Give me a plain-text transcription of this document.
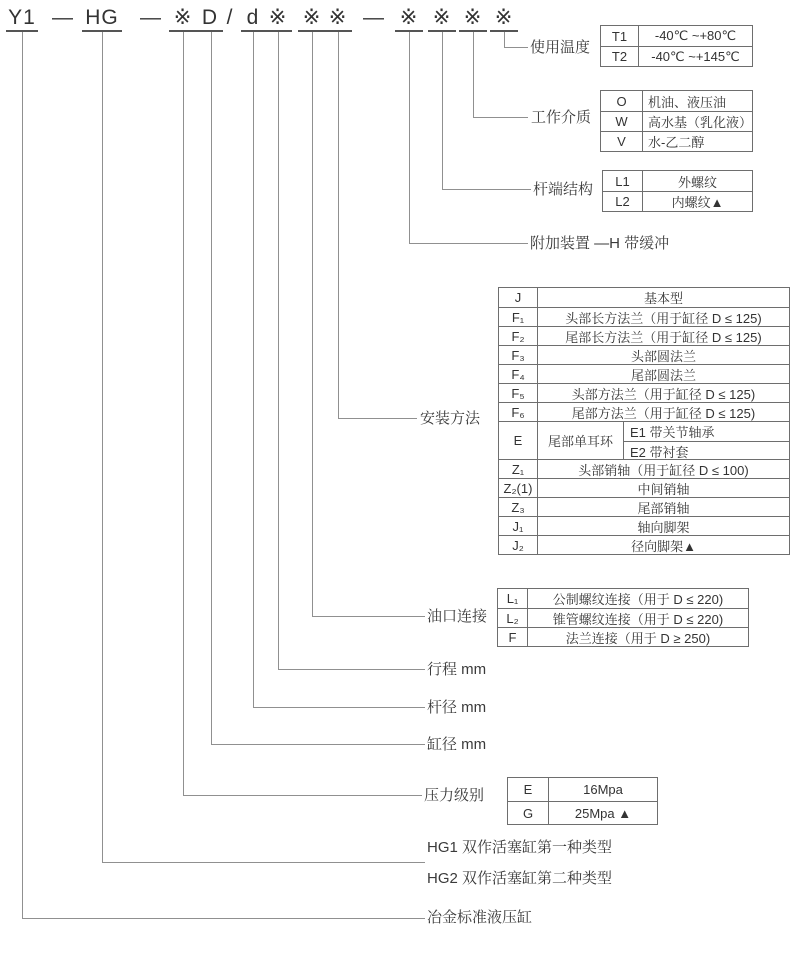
Y1 — HG — ※ D / d ※ ※ ※ — ※ ※ ※ ※
使用温度
工作介质
杆端结构
附加装置 —H 带缓冲
安装方法
油口连接
行程 mm
杆径 mm
缸径 mm
压力级别
HG1 双作活塞缸第一种类型
HG2 双作活塞缸第二种类型
冶金标准液压缸
T1	-40℃ ~+80℃
T2	-40℃ ~+145℃
O	机油、液压油
W	高水基（乳化液）
V	水-乙二醇
L1	外螺纹
L2	内螺纹▲
J	基本型
F₁	头部长方法兰（用于缸径 D ≤ 125)
F₂	尾部长方法兰（用于缸径 D ≤ 125)
F₃	头部圆法兰
F₄	尾部圆法兰
F₅	头部方法兰（用于缸径 D ≤ 125)
F₆	尾部方法兰（用于缸径 D ≤ 125)
E	尾部单耳环
E1 带关节轴承
E2 带衬套
Z₁	头部销轴（用于缸径 D ≤ 100)
Z₂(1)	中间销轴
Z₃	尾部销轴
J₁	轴向脚架
J₂	径向脚架▲
L₁	公制螺纹连接（用于 D ≤ 220)
L₂	锥管螺纹连接（用于 D ≤ 220)
F	法兰连接（用于 D ≥ 250)
E	16Mpa
G	25Mpa ▲
